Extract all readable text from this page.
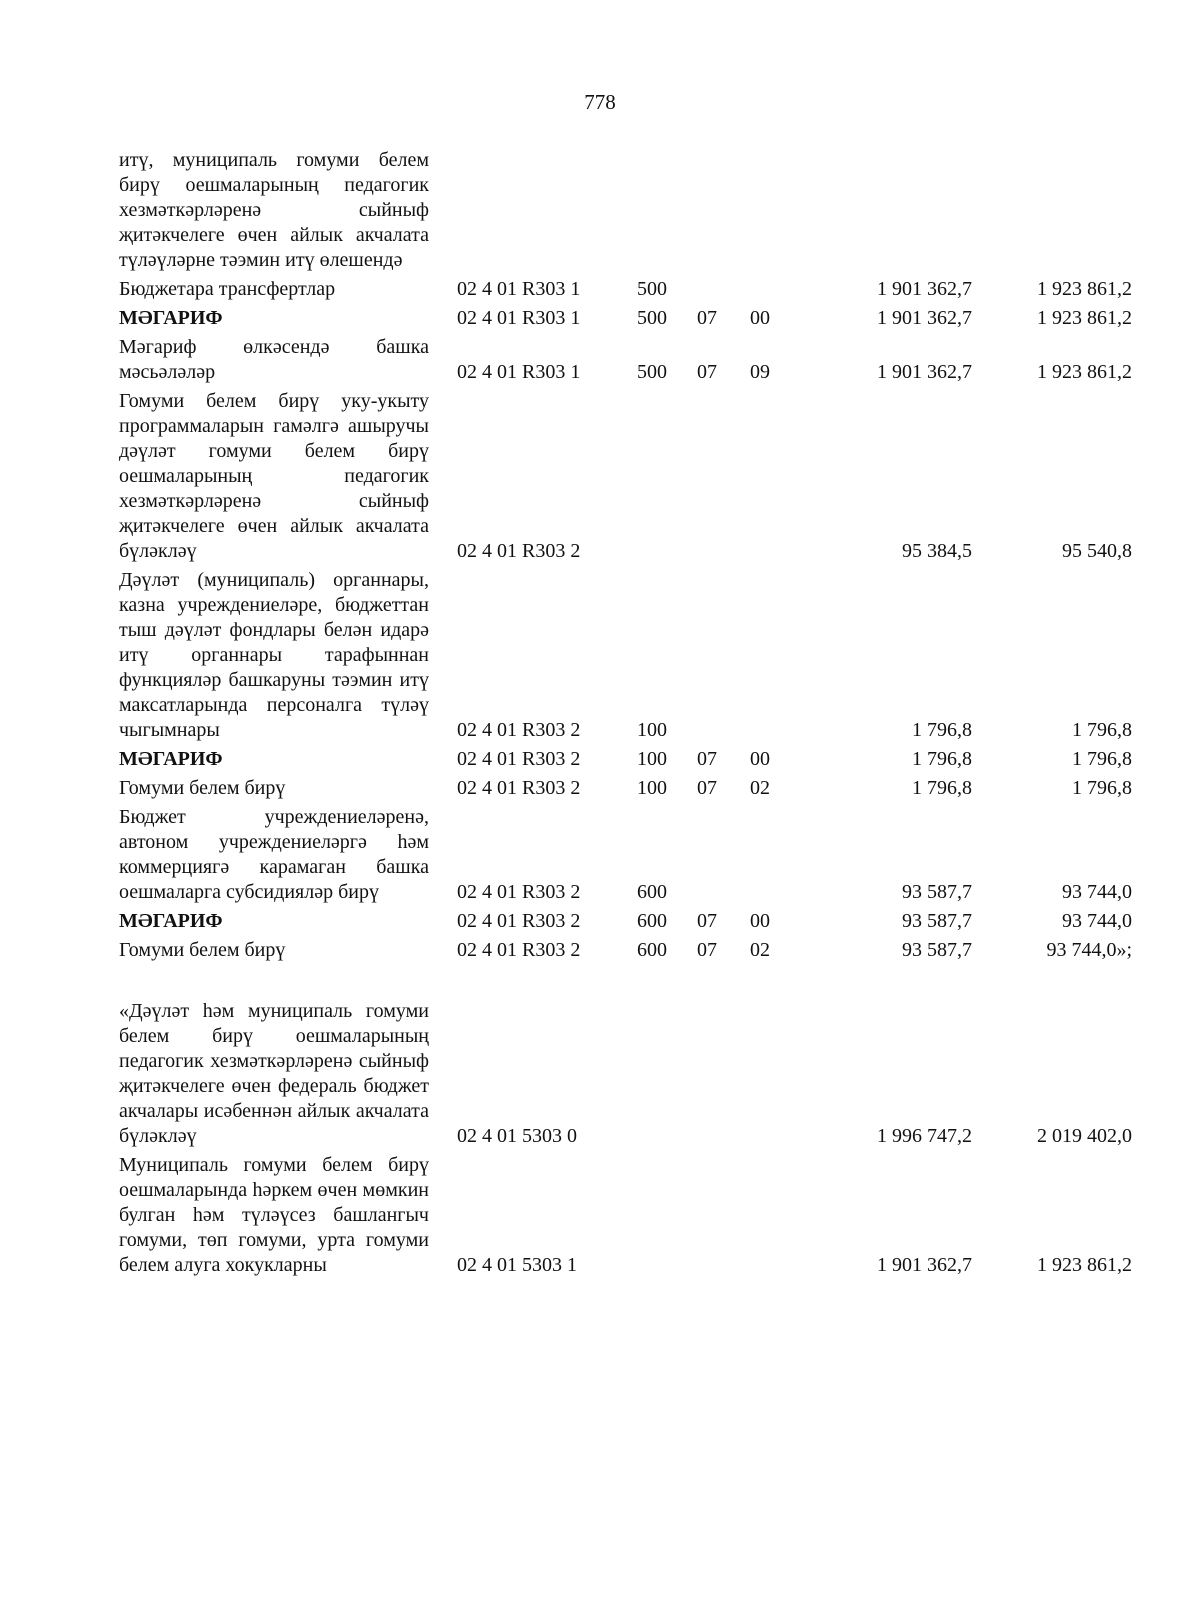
778
итү, муниципаль гомуми белем бирү оешмаларының педагогик хезмәткәрләренә сыйныф җитәкчелеге өчен айлык акчалата түләүләрне тәэмин итү өлешендә						
Бюджетара трансфертлар	02 4 01 R303 1	500			1 901 362,7	1 923 861,2
МӘГАРИФ	02 4 01 R303 1	500	07	00	1 901 362,7	1 923 861,2
Мәгариф өлкәсендә башка мәсьәләләр	02 4 01 R303 1	500	07	09	1 901 362,7	1 923 861,2
Гомуми белем бирү уку-укыту программаларын гамәлгә ашыручы дәүләт гомуми белем бирү оешмаларының педагогик хезмәткәрләренә сыйныф җитәкчелеге өчен айлык акчалата бүләкләү	02 4 01 R303 2				95 384,5	95 540,8
Дәүләт (муниципаль) органнары, казна учреждениеләре, бюджеттан тыш дәүләт фондлары белән идарә итү органнары тарафыннан функцияләр башкаруны тәэмин итү максатларында персоналга түләү чыгымнары	02 4 01 R303 2	100			1 796,8	1 796,8
МӘГАРИФ	02 4 01 R303 2	100	07	00	1 796,8	1 796,8
Гомуми белем бирү	02 4 01 R303 2	100	07	02	1 796,8	1 796,8
Бюджет учреждениеләренә, автоном учреждениеләргә һәм коммерциягә карамаган башка оешмаларга субсидияләр бирү	02 4 01 R303 2	600			93 587,7	93 744,0
МӘГАРИФ	02 4 01 R303 2	600	07	00	93 587,7	93 744,0
Гомуми белем бирү	02 4 01 R303 2	600	07	02	93 587,7	93 744,0»;

«Дәүләт һәм муниципаль гомуми белем бирү оешмаларының педагогик хезмәткәрләренә сыйныф җитәкчелеге өчен федераль бюджет акчалары исәбеннән айлык акчалата бүләкләү	02 4 01 5303 0				1 996 747,2	2 019 402,0
Муниципаль гомуми белем бирү оешмаларында һәркем өчен мөмкин булган һәм түләүсез башлангыч гомуми, төп гомуми, урта гомуми белем алуга хокукларны	02 4 01 5303 1				1 901 362,7	1 923 861,2
